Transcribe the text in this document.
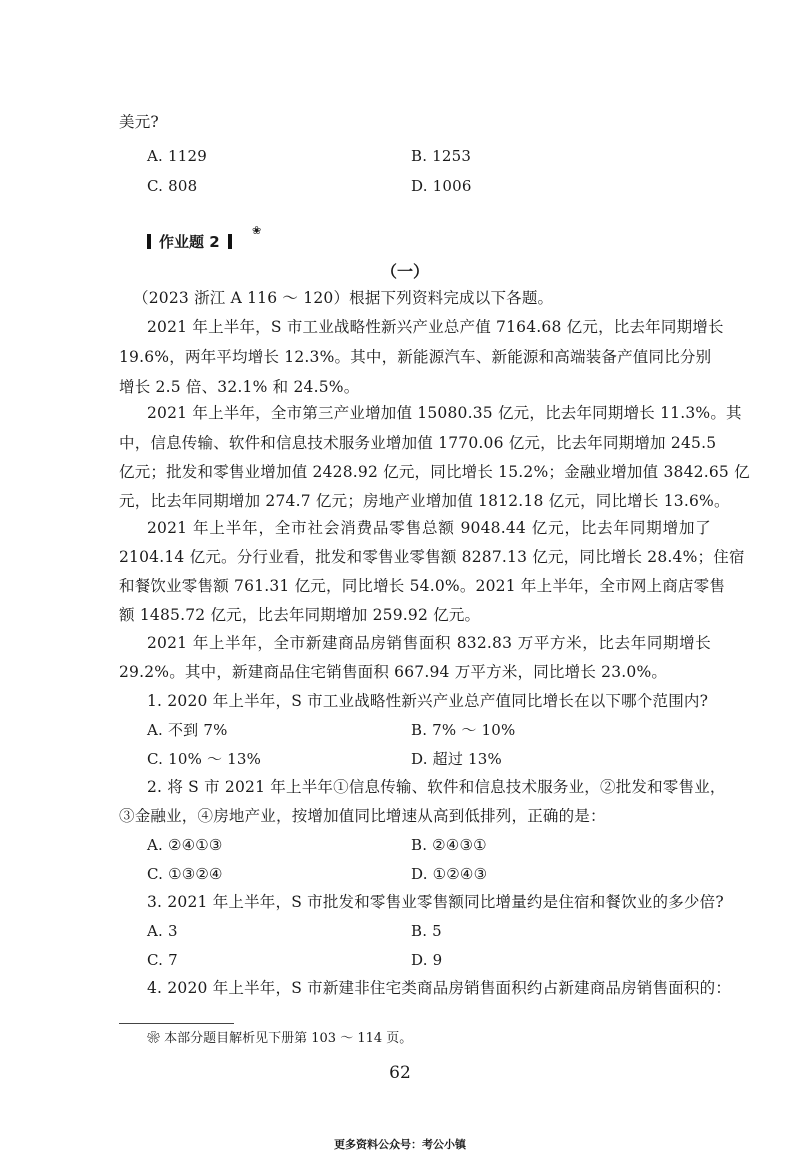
美元?
A. 1129	B. 1253
C. 808	D. 1006
作业题 2
❀
（一）
（2023 浙江 A 116 ～ 120）根据下列资料完成以下各题。
2021 年上半年，S 市工业战略性新兴产业总产值 7164.68 亿元，比去年同期增长
19.6%，两年平均增长 12.3%。其中，新能源汽车、新能源和高端装备产值同比分别
增长 2.5 倍、32.1% 和 24.5%。
2021 年上半年，全市第三产业增加值 15080.35 亿元，比去年同期增长 11.3%。其
中，信息传输、软件和信息技术服务业增加值 1770.06 亿元，比去年同期增加 245.5
亿元；批发和零售业增加值 2428.92 亿元，同比增长 15.2%；金融业增加值 3842.65 亿
元，比去年同期增加 274.7 亿元；房地产业增加值 1812.18 亿元，同比增长 13.6%。
2021 年上半年，全市社会消费品零售总额 9048.44 亿元，比去年同期增加了
2104.14 亿元。分行业看，批发和零售业零售额 8287.13 亿元，同比增长 28.4%；住宿
和餐饮业零售额 761.31 亿元，同比增长 54.0%。2021 年上半年，全市网上商店零售
额 1485.72 亿元，比去年同期增加 259.92 亿元。
2021 年上半年，全市新建商品房销售面积 832.83 万平方米，比去年同期增长
29.2%。其中，新建商品住宅销售面积 667.94 万平方米，同比增长 23.0%。
1. 2020 年上半年，S 市工业战略性新兴产业总产值同比增长在以下哪个范围内?
A. 不到 7%	B. 7% ～ 10%
C. 10% ～ 13%	D. 超过 13%
2. 将 S 市 2021 年上半年①信息传输、软件和信息技术服务业，②批发和零售业，
③金融业，④房地产业，按增加值同比增速从高到低排列，正确的是：
A. ②④①③	B. ②④③①
C. ①③②④	D. ①②④③
3. 2021 年上半年，S 市批发和零售业零售额同比增量约是住宿和餐饮业的多少倍?
A. 3	B. 5
C. 7	D. 9
4. 2020 年上半年，S 市新建非住宅类商品房销售面积约占新建商品房销售面积的：
❀ 本部分题目解析见下册第 103 ～ 114 页。
62
更多资料公众号：考公小镇
